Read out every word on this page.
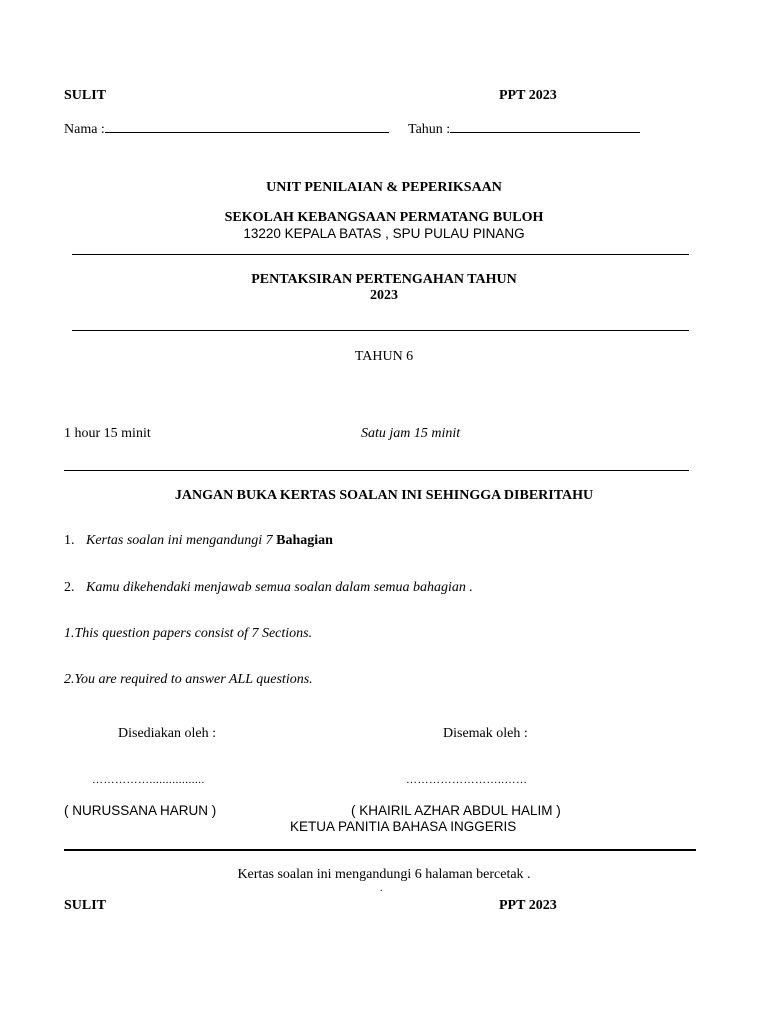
SULIT	PPT 2023
Nama :	Tahun :
UNIT PENILAIAN & PEPERIKSAAN
SEKOLAH KEBANGSAAN PERMATANG BULOH
13220 KEPALA BATAS , SPU PULAU PINANG
PENTAKSIRAN PERTENGAHAN TAHUN
2023
TAHUN 6
1 hour 15 minit	Satu jam 15 minit
JANGAN BUKA KERTAS SOALAN INI SEHINGGA DIBERITAHU
1. Kertas soalan ini mengandungi 7 Bahagian
2. Kamu dikehendaki menjawab semua soalan dalam semua bahagian .
1.This question papers consist of 7 Sections.
2.You are required to answer ALL questions.
Disediakan oleh :	Disemak oleh :
…………….................	……………………..……
( NURUSSANA HARUN )	( KHAIRIL AZHAR ABDUL HALIM )
KETUA PANITIA BAHASA INGGERIS
Kertas soalan ini mengandungi 6 halaman bercetak .
.
SULIT	PPT 2023
